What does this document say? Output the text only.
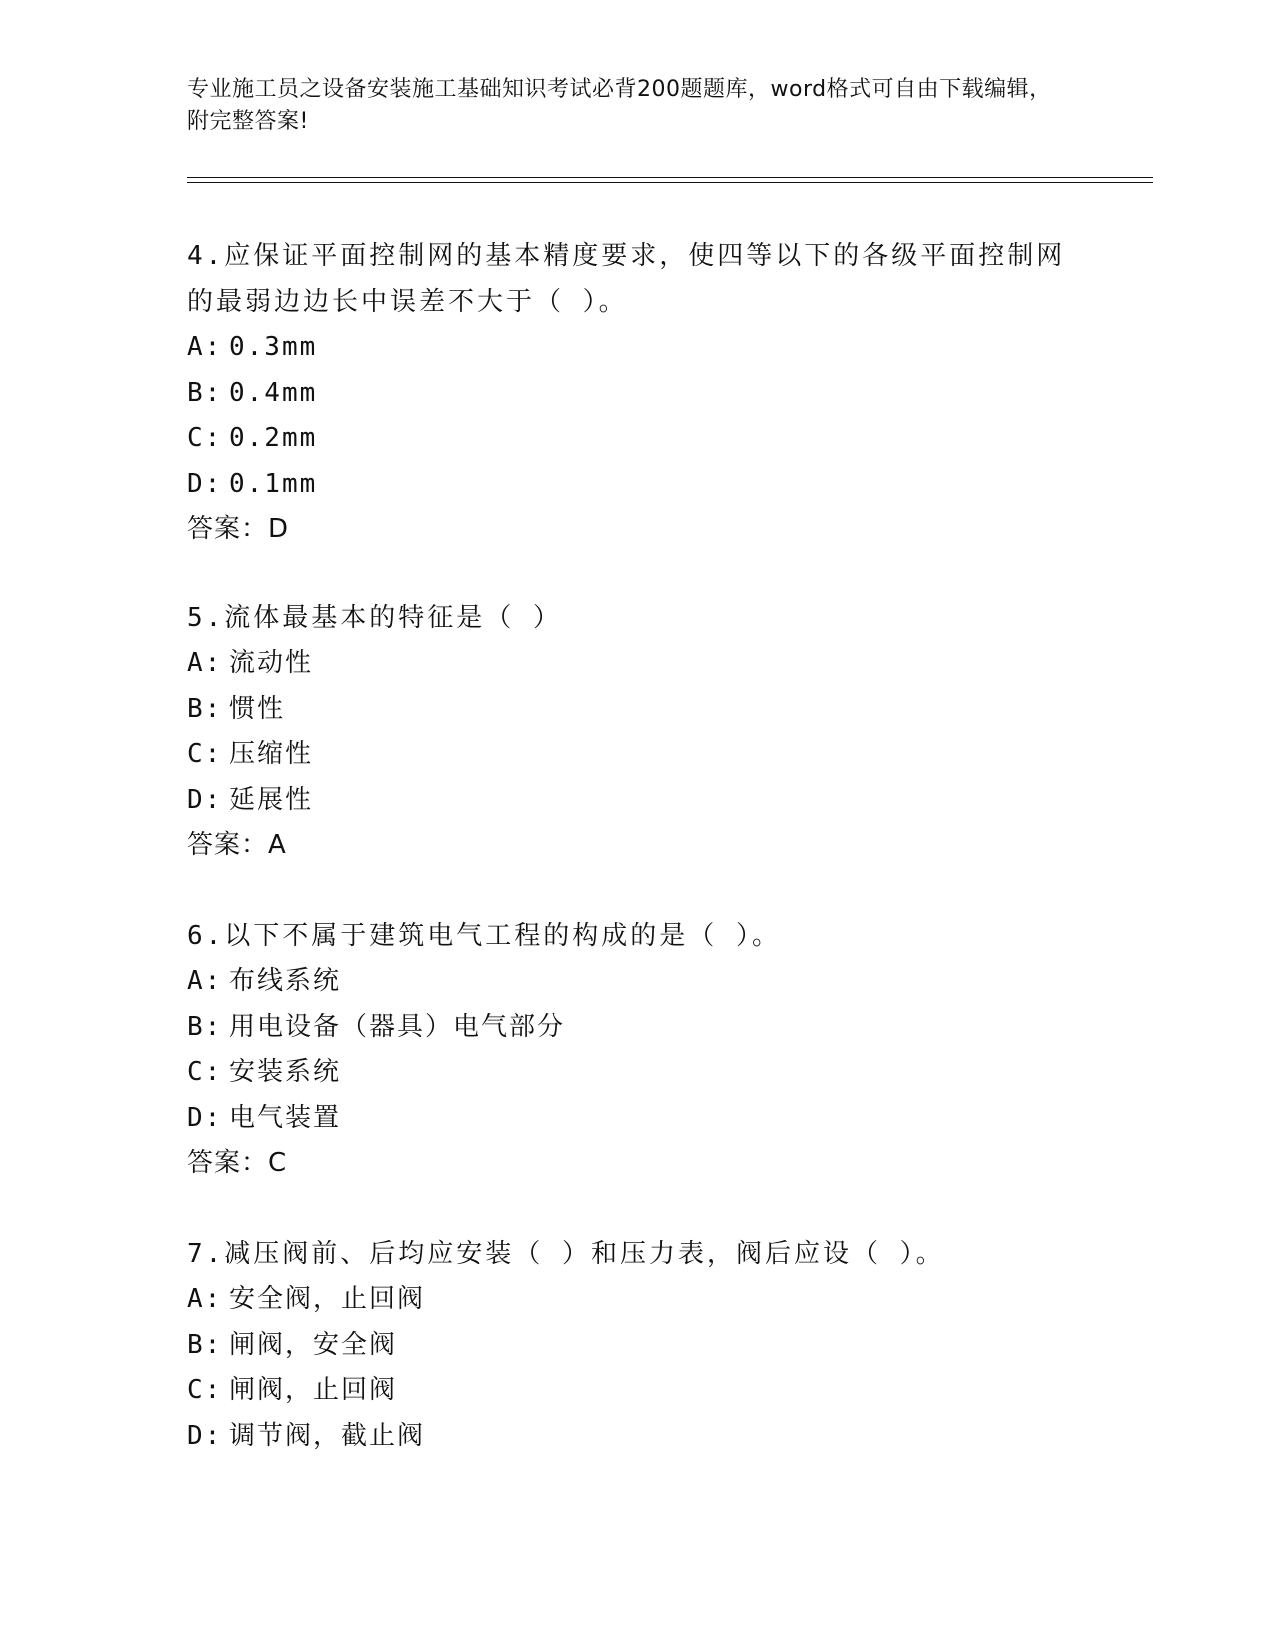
专业施工员之设备安装施工基础知识考试必背200题题库，word格式可自由下载编辑，附完整答案!

4.应保证平面控制网的基本精度要求，使四等以下的各级平面控制网的最弱边边长中误差不大于（ ）。

A: 0.3mm

B: 0.4mm

C: 0.2mm

D: 0.1mm

答案：D

5.流体最基本的特征是（ ）

A: 流动性

B: 惯性

C: 压缩性

D: 延展性

答案：A

6.以下不属于建筑电气工程的构成的是（ ）。

A: 布线系统

B: 用电设备（器具）电气部分

C: 安装系统

D: 电气装置

答案：C

7.减压阀前、后均应安装（ ）和压力表，阀后应设（ ）。

A: 安全阀，止回阀

B: 闸阀，安全阀

C: 闸阀，止回阀

D: 调节阀，截止阀
